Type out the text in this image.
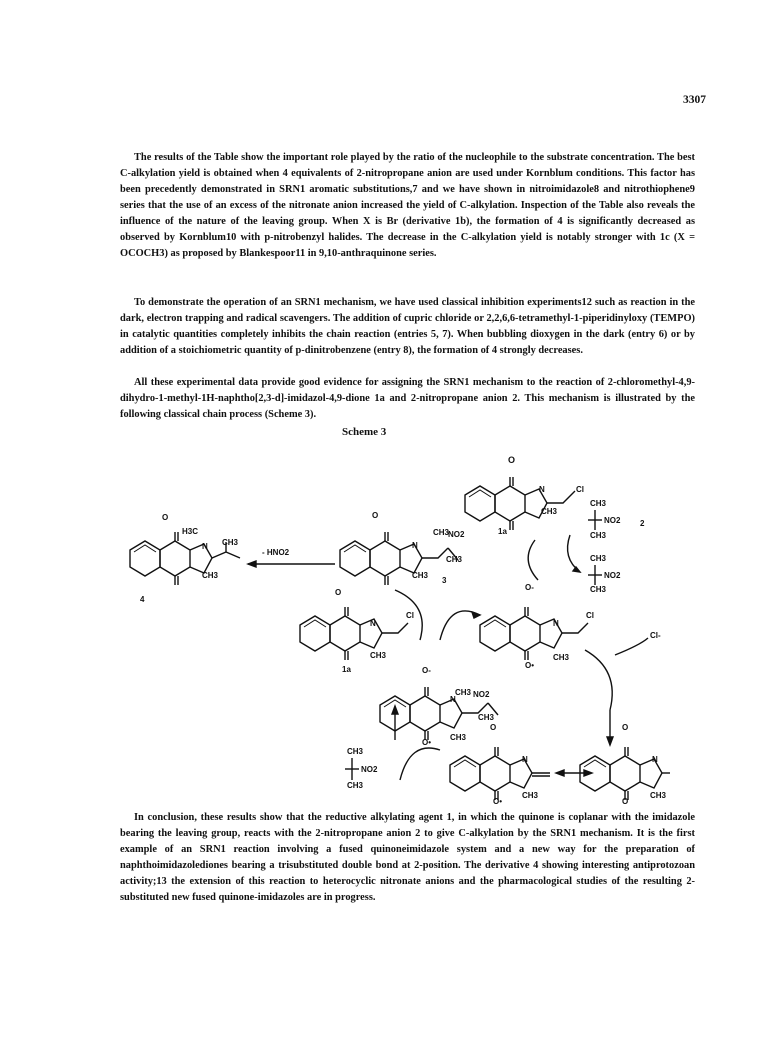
3307

The results of the Table show the important role played by the ratio of the nucleophile to the substrate concentration. The best C-alkylation yield is obtained when 4 equivalents of 2-nitropropane anion are used under Kornblum conditions. This factor has been precedently demonstrated in SRN1 aromatic substitutions,7 and we have shown in nitroimidazole8 and nitrothiophene9 series that the use of an excess of the nitronate anion increased the yield of C-alkylation. Inspection of the Table also reveals the influence of the nature of the leaving group. When X is Br (derivative 1b), the formation of 4 is significantly decreased as observed by Kornblum10 with p-nitrobenzyl halides. The decrease in the C-alkylation yield is notably stronger with 1c (X = OCOCH3) as proposed by Blankespoor11 in 9,10-anthraquinone series.

To demonstrate the operation of an SRN1 mechanism, we have used classical inhibition experiments12 such as reaction in the dark, electron trapping and radical scavengers. The addition of cupric chloride or 2,2,6,6-tetramethyl-1-piperidinyloxy (TEMPO) in catalytic quantities completely inhibits the chain reaction (entries 5, 7). When bubbling dioxygen in the dark (entry 6) or by addition of a stoichiometric quantity of p-dinitrobenzene (entry 8), the formation of 4 strongly decreases.

All these experimental data provide good evidence for assigning the SRN1 mechanism to the reaction of 2-chloromethyl-4,9-dihydro-1-methyl-1H-naphtho[2,3-d]-imidazol-4,9-dione 1a and 2-nitropropane anion 2. This mechanism is illustrated by the following classical chain process (Scheme 3).

Scheme 3
O
N	Cl
CH3
1a
CH3
NO2
CH3
2
CH3
NO2
CH3
O
N
CH3
NO2
CH3
CH3
3
- HNO2
O
H3C
CH3
N
CH3
4
O
N
Cl
CH3
1a
O-
N
Cl
O•
CH3
Cl-
O-
CH3 NO2
CH3
N
CH3
O•
CH3
NO2
CH3
O
N
CH3
O•
O
N
CH3
O

In conclusion, these results show that the reductive alkylating agent 1, in which the quinone is coplanar with the imidazole bearing the leaving group, reacts with the 2-nitropropane anion 2 to give C-alkylation by the SRN1 mechanism. It is the first example of an SRN1 reaction involving a fused quinoneimidazole system and a new way for the preparation of naphthoimidazolediones bearing a trisubstituted double bond at 2-position. The derivative 4 showing interesting antiprotozoan activity;13 the extension of this reaction to heterocyclic nitronate anions and the pharmacological studies of the resulting 2-substituted new fused quinone-imidazoles are in progress.
